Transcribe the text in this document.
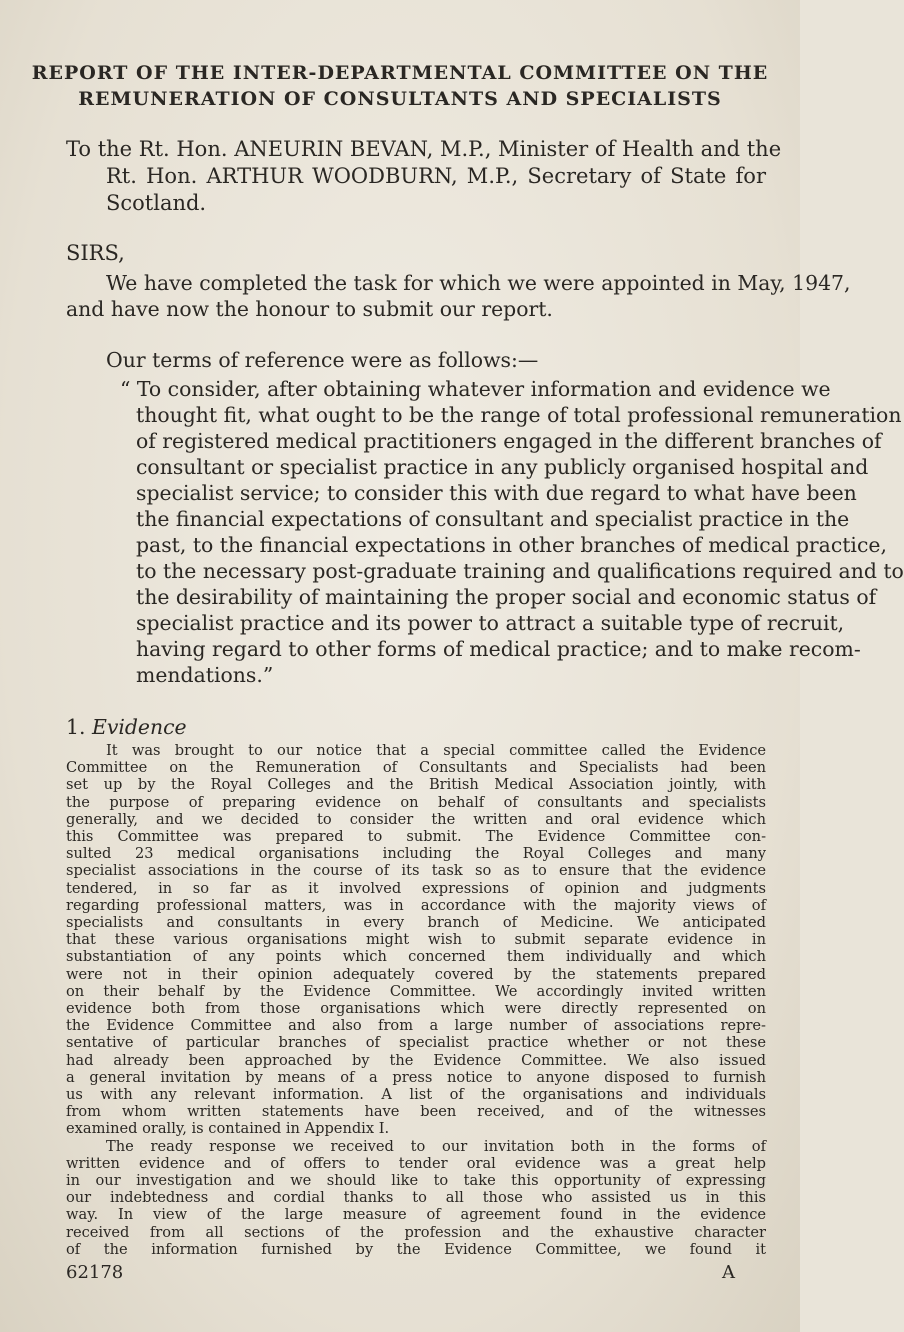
REPORT OF THE INTER-DEPARTMENTAL COMMITTEE ON THE
REMUNERATION OF CONSULTANTS AND SPECIALISTS
To the Rt. Hon. ANEURIN BEVAN, M.P., Minister of Health and the
Rt. Hon. ARTHUR WOODBURN, M.P., Secretary of State for
Scotland.
SIRS,
We have completed the task for which we were appointed in May, 1947,
and have now the honour to submit our report.
Our terms of reference were as follows:—
“ To consider, after obtaining whatever information and evidence we
thought fit, what ought to be the range of total professional remuneration
of registered medical practitioners engaged in the different branches of
consultant or specialist practice in any publicly organised hospital and
specialist service; to consider this with due regard to what have been
the financial expectations of consultant and specialist practice in the
past, to the financial expectations in other branches of medical practice,
to the necessary post-graduate training and qualifications required and to
the desirability of maintaining the proper social and economic status of
specialist practice and its power to attract a suitable type of recruit,
having regard to other forms of medical practice; and to make recom-
mendations.”
1. Evidence
It was brought to our notice that a special committee called the Evidence
Committee on the Remuneration of Consultants and Specialists had been
set up by the Royal Colleges and the British Medical Association jointly, with
the purpose of preparing evidence on behalf of consultants and specialists
generally, and we decided to consider the written and oral evidence which
this Committee was prepared to submit. The Evidence Committee con-
sulted 23 medical organisations including the Royal Colleges and many
specialist associations in the course of its task so as to ensure that the evidence
tendered, in so far as it involved expressions of opinion and judgments
regarding professional matters, was in accordance with the majority views of
specialists and consultants in every branch of Medicine. We anticipated
that these various organisations might wish to submit separate evidence in
substantiation of any points which concerned them individually and which
were not in their opinion adequately covered by the statements prepared
on their behalf by the Evidence Committee. We accordingly invited written
evidence both from those organisations which were directly represented on
the Evidence Committee and also from a large number of associations repre-
sentative of particular branches of specialist practice whether or not these
62178	A
had already been approached by the Evidence Committee. We also issued
a general invitation by means of a press notice to anyone disposed to furnish
us with any relevant information. A list of the organisations and individuals
from whom written statements have been received, and of the witnesses
examined orally, is contained in Appendix I.
The ready response we received to our invitation both in the forms of
written evidence and of offers to tender oral evidence was a great help
in our investigation and we should like to take this opportunity of expressing
our indebtedness and cordial thanks to all those who assisted us in this
way. In view of the large measure of agreement found in the evidence
received from all sections of the profession and the exhaustive character
of the information furnished by the Evidence Committee, we found it
